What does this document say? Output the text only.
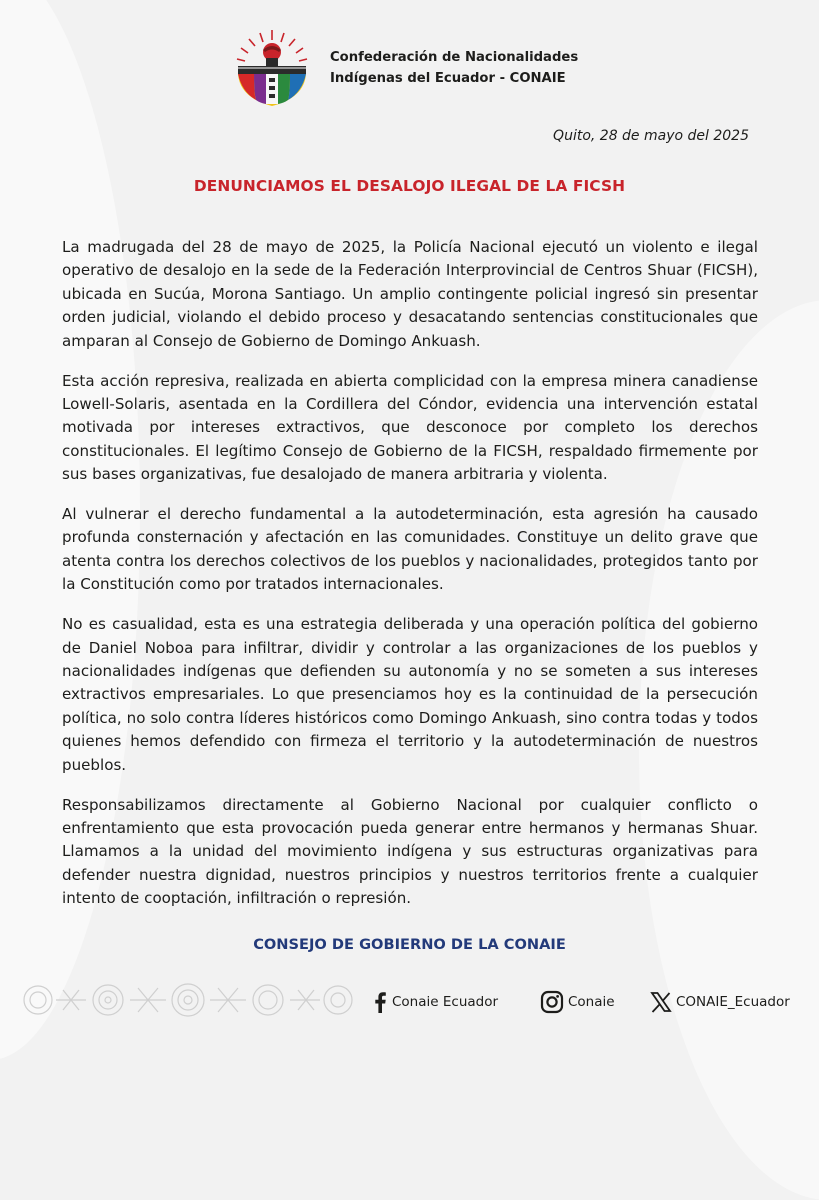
Confederación de Nacionalidades
Indígenas del Ecuador - CONAIE
Quito, 28 de mayo del 2025
DENUNCIAMOS EL DESALOJO ILEGAL DE LA FICSH

La madrugada del 28 de mayo de 2025, la Policía Nacional ejecutó un violento e ilegal operativo de desalojo en la sede de la Federación Interprovincial de Centros Shuar (FICSH), ubicada en Sucúa, Morona Santiago. Un amplio contingente policial ingresó sin presentar orden judicial, violando el debido proceso y desacatando sentencias constitucionales que amparan al Consejo de Gobierno de Domingo Ankuash.

Esta acción represiva, realizada en abierta complicidad con la empresa minera canadiense Lowell-Solaris, asentada en la Cordillera del Cóndor, evidencia una intervención estatal motivada por intereses extractivos, que desconoce por completo los derechos constitucionales. El legítimo Consejo de Gobierno de la FICSH, respaldado firmemente por sus bases organizativas, fue desalojado de manera arbitraria y violenta.

Al vulnerar el derecho fundamental a la autodeterminación, esta agresión ha causado profunda consternación y afectación en las comunidades. Constituye un delito grave que atenta contra los derechos colectivos de los pueblos y nacionalidades, protegidos tanto por la Constitución como por tratados internacionales.

No es casualidad, esta es una estrategia deliberada y una operación política del gobierno de Daniel Noboa para infiltrar, dividir y controlar a las organizaciones de los pueblos y nacionalidades indígenas que defienden su autonomía y no se someten a sus intereses extractivos empresariales. Lo que presenciamos hoy es la continuidad de la persecución política, no solo contra líderes históricos como Domingo Ankuash, sino contra todas y todos quienes hemos defendido con firmeza el territorio y la autodeterminación de nuestros pueblos.

Responsabilizamos directamente al Gobierno Nacional por cualquier conflicto o enfrentamiento que esta provocación pueda generar entre hermanos y hermanas Shuar. Llamamos a la unidad del movimiento indígena y sus estructuras organizativas para defender nuestra dignidad, nuestros principios y nuestros territorios frente a cualquier intento de cooptación, infiltración o represión.

CONSEJO DE GOBIERNO DE LA CONAIE
Conaie Ecuador	Conaie	CONAIE_Ecuador
